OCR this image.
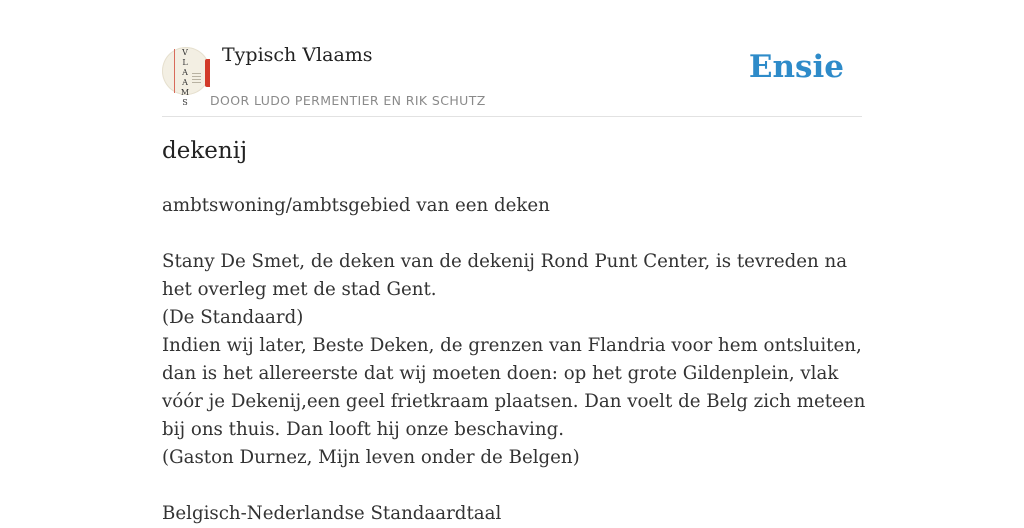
V
L
A
A
M
S
Typisch Vlaams
DOOR LUDO PERMENTIER EN RIK SCHUTZ
Ensie
dekenij

ambtswoning/ambtsgebied van een deken

Stany De Smet, de deken van de dekenij Rond Punt Center, is tevreden na het overleg met de stad Gent.

(De Standaard)

Indien wij later, Beste Deken, de grenzen van Flandria voor hem ontsluiten, dan is het allereerste dat wij moeten doen: op het grote Gildenplein, vlak vóór je Dekenij,een geel frietkraam plaatsen. Dan voelt de Belg zich meteen bij ons thuis. Dan looft hij onze beschaving.

(Gaston Durnez, Mijn leven onder de Belgen)

Belgisch-Nederlandse Standaardtaal
